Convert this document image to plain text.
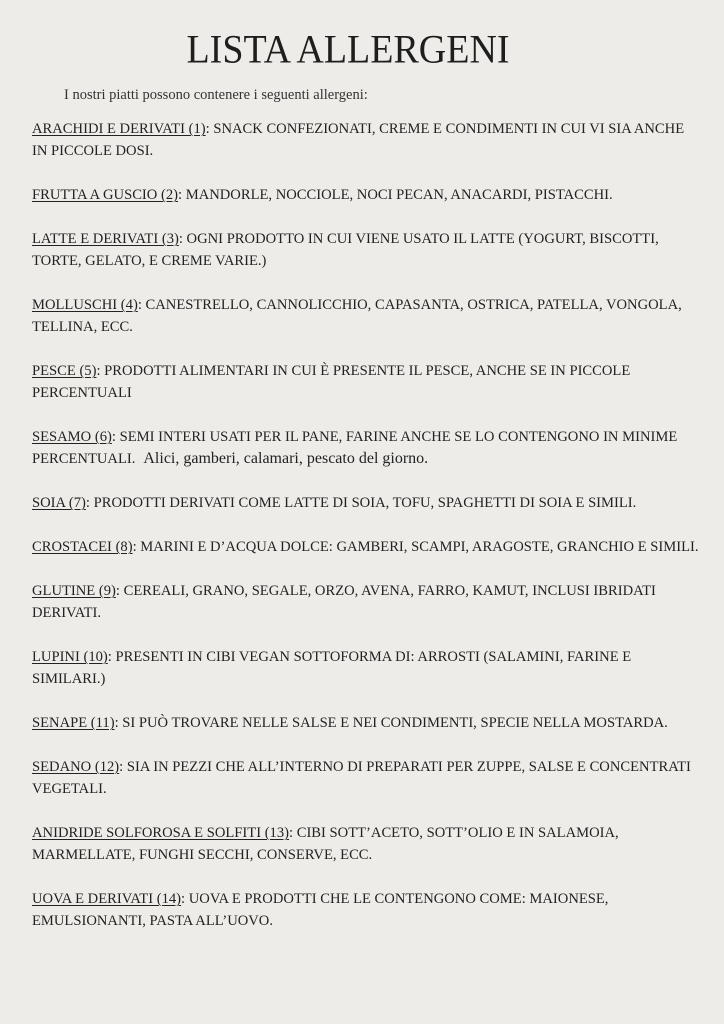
LISTA ALLERGENI
I nostri piatti possono contenere i seguenti allergeni:

ARACHIDI E DERIVATI (1): SNACK CONFEZIONATI, CREME E CONDIMENTI IN CUI VI SIA ANCHE IN PICCOLE DOSI.

FRUTTA A GUSCIO (2): MANDORLE, NOCCIOLE, NOCI PECAN, ANACARDI, PISTACCHI.

LATTE E DERIVATI (3): OGNI PRODOTTO IN CUI VIENE USATO IL LATTE (YOGURT, BISCOTTI, TORTE, GELATO, E CREME VARIE.)

MOLLUSCHI (4): CANESTRELLO, CANNOLICCHIO, CAPASANTA, OSTRICA, PATELLA, VONGOLA, TELLINA, ECC.

PESCE (5): PRODOTTI ALIMENTARI IN CUI È PRESENTE IL PESCE, ANCHE SE IN PICCOLE PERCENTUALI

SESAMO (6): SEMI INTERI USATI PER IL PANE, FARINE ANCHE SE LO CONTENGONO IN MINIME PERCENTUALI. Alici, gamberi, calamari, pescato del giorno.

SOIA (7): PRODOTTI DERIVATI COME LATTE DI SOIA, TOFU, SPAGHETTI DI SOIA E SIMILI.

CROSTACEI (8): MARINI E D’ACQUA DOLCE: GAMBERI, SCAMPI, ARAGOSTE, GRANCHIO E SIMILI.

GLUTINE (9): CEREALI, GRANO, SEGALE, ORZO, AVENA, FARRO, KAMUT, INCLUSI IBRIDATI DERIVATI.

LUPINI (10): PRESENTI IN CIBI VEGAN SOTTOFORMA DI: ARROSTI (SALAMINI, FARINE E SIMILARI.)

SENAPE (11): SI PUÒ TROVARE NELLE SALSE E NEI CONDIMENTI, SPECIE NELLA MOSTARDA.

SEDANO (12): SIA IN PEZZI CHE ALL’INTERNO DI PREPARATI PER ZUPPE, SALSE E CONCENTRATI VEGETALI.

ANIDRIDE SOLFOROSA E SOLFITI (13): CIBI SOTT’ACETO, SOTT’OLIO E IN SALAMOIA, MARMELLATE, FUNGHI SECCHI, CONSERVE, ECC.

UOVA E DERIVATI (14): UOVA E PRODOTTI CHE LE CONTENGONO COME: MAIONESE, EMULSIONANTI, PASTA ALL’UOVO.
